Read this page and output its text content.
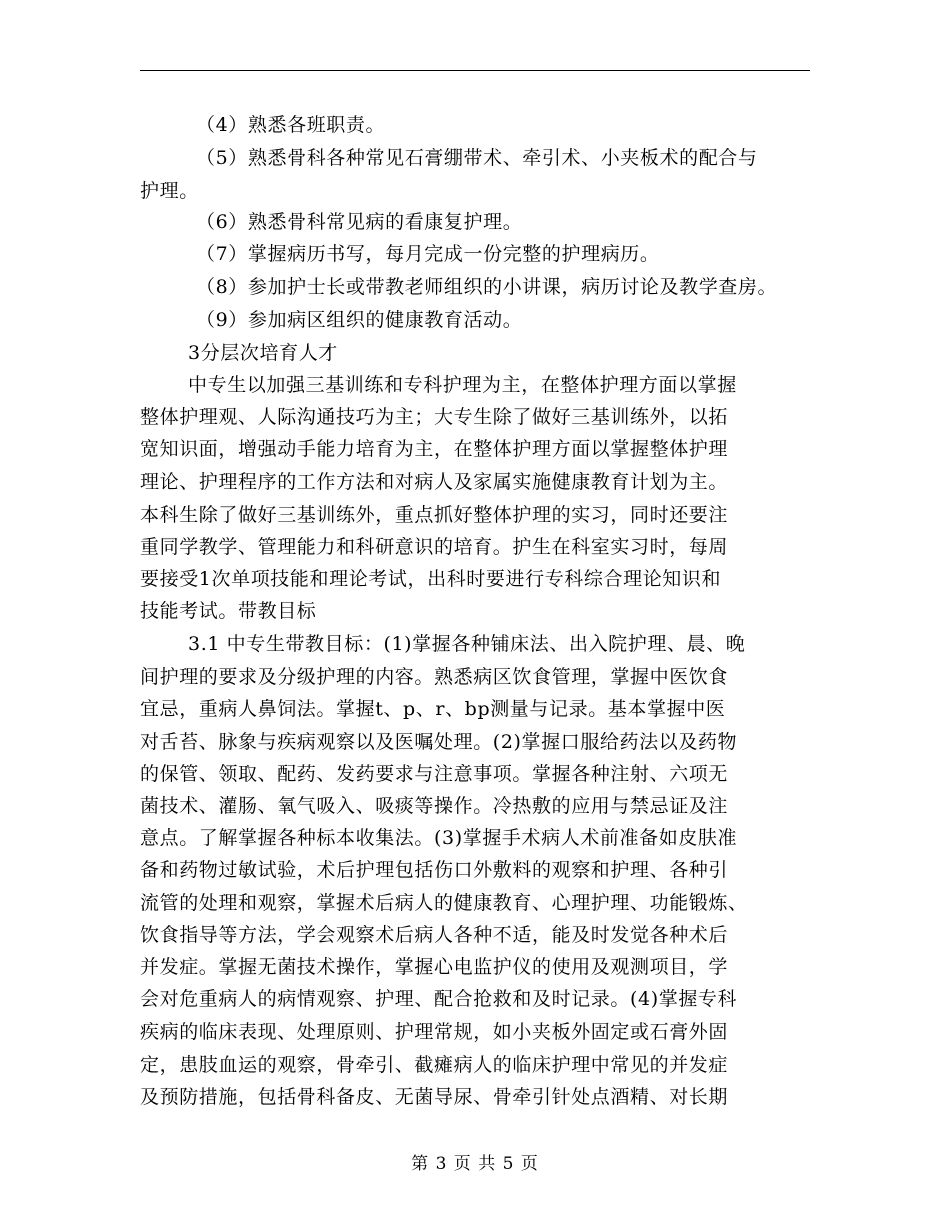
（4）熟悉各班职责。
（5）熟悉骨科各种常见石膏绷带术、牵引术、小夹板术的配合与
护理。
（6）熟悉骨科常见病的看康复护理。
（7）掌握病历书写，每月完成一份完整的护理病历。
（8）参加护士长或带教老师组织的小讲课，病历讨论及教学查房。
（9）参加病区组织的健康教育活动。
3分层次培育人才
中专生以加强三基训练和专科护理为主，在整体护理方面以掌握
整体护理观、人际沟通技巧为主；大专生除了做好三基训练外，以拓
宽知识面，增强动手能力培育为主，在整体护理方面以掌握整体护理
理论、护理程序的工作方法和对病人及家属实施健康教育计划为主。
本科生除了做好三基训练外，重点抓好整体护理的实习，同时还要注
重同学教学、管理能力和科研意识的培育。护生在科室实习时，每周
要接受1次单项技能和理论考试，出科时要进行专科综合理论知识和
技能考试。带教目标
3.1 中专生带教目标：(1)掌握各种铺床法、出入院护理、晨、晚
间护理的要求及分级护理的内容。熟悉病区饮食管理，掌握中医饮食
宜忌，重病人鼻饲法。掌握t、p、r、bp测量与记录。基本掌握中医
对舌苔、脉象与疾病观察以及医嘱处理。(2)掌握口服给药法以及药物
的保管、领取、配药、发药要求与注意事项。掌握各种注射、六项无
菌技术、灌肠、氧气吸入、吸痰等操作。冷热敷的应用与禁忌证及注
意点。了解掌握各种标本收集法。(3)掌握手术病人术前准备如皮肤准
备和药物过敏试验，术后护理包括伤口外敷料的观察和护理、各种引
流管的处理和观察，掌握术后病人的健康教育、心理护理、功能锻炼、
饮食指导等方法，学会观察术后病人各种不适，能及时发觉各种术后
并发症。掌握无菌技术操作，掌握心电监护仪的使用及观测项目，学
会对危重病人的病情观察、护理、配合抢救和及时记录。(4)掌握专科
疾病的临床表现、处理原则、护理常规，如小夹板外固定或石膏外固
定，患肢血运的观察，骨牵引、截瘫病人的临床护理中常见的并发症
及预防措施，包括骨科备皮、无菌导尿、骨牵引针处点酒精、对长期
第 3 页 共 5 页
